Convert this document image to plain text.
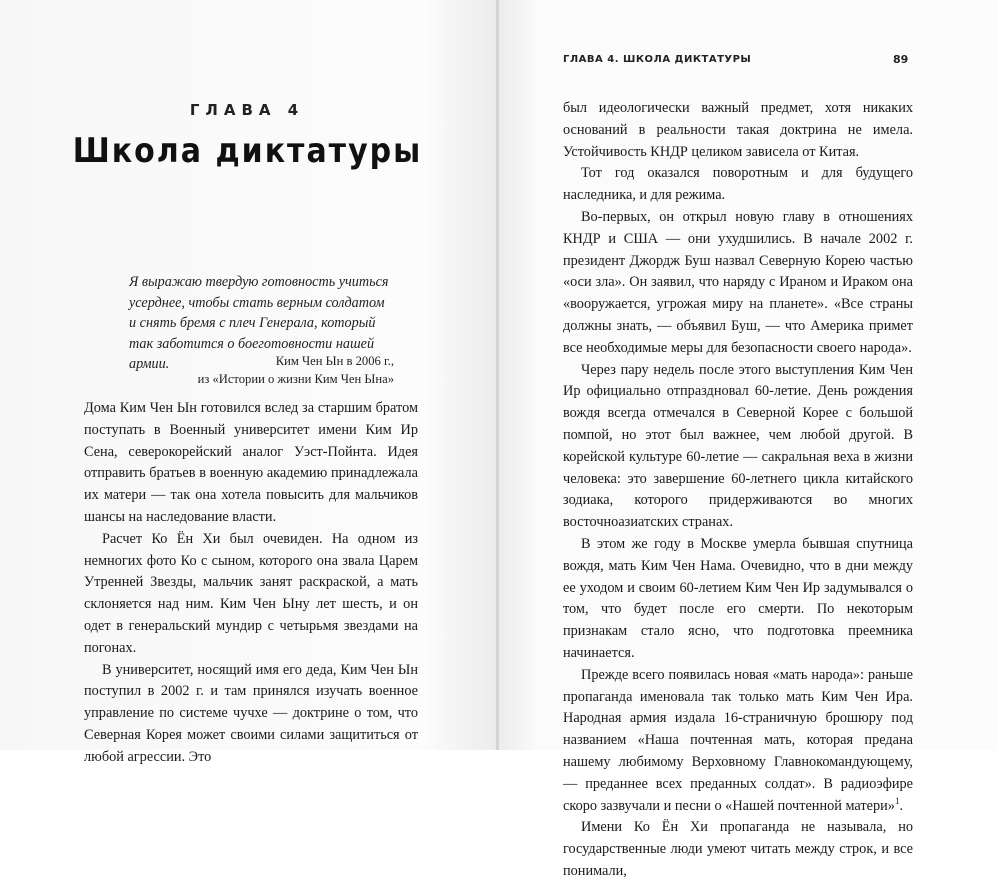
ГЛАВА 4
Школа диктатуры

Я выражаю твердую готовность учиться усерднее, чтобы стать верным солдатом и снять бремя с плеч Генерала, который так заботится о боеготовности нашей армии.	Ким Чен Ын в 2006 г.,
из «Истории о жизни Ким Чен Ына»

Дома Ким Чен Ын готовился вслед за старшим братом поступать в Военный университет имени Ким Ир Сена, северокорейский аналог Уэст-Пойнта. Идея отправить братьев в военную академию принадлежала их матери — так она хотела повысить для мальчиков шансы на наследование власти.

Расчет Ко Ён Хи был очевиден. На одном из немногих фото Ко с сыном, которого она звала Царем Утренней Звезды, мальчик занят раскраской, а мать склоняется над ним. Ким Чен Ыну лет шесть, и он одет в генеральский мундир с четырьмя звездами на погонах.

В университет, носящий имя его деда, Ким Чен Ын поступил в 2002 г. и там принялся изучать военное управление по системе чучхе — доктрине о том, что Северная Корея может своими силами защититься от любой агрессии. Это

ГЛАВА 4. ШКОЛА ДИКТАТУРЫ	89

был идеологически важный предмет, хотя никаких оснований в реальности такая доктрина не имела. Устойчивость КНДР целиком зависела от Китая.

Тот год оказался поворотным и для будущего наследника, и для режима.

Во-первых, он открыл новую главу в отношениях КНДР и США — они ухудшились. В начале 2002 г. президент Джордж Буш назвал Северную Корею частью «оси зла». Он заявил, что наряду с Ираном и Ираком она «вооружается, угрожая миру на планете». «Все страны должны знать, — объявил Буш, — что Америка примет все необходимые меры для безопасности своего народа».

Через пару недель после этого выступления Ким Чен Ир официально отпраздновал 60-летие. День рождения вождя всегда отмечался в Северной Корее с большой помпой, но этот был важнее, чем любой другой. В корейской культуре 60-летие — сакральная веха в жизни человека: это завершение 60-летнего цикла китайского зодиака, которого придерживаются во многих восточноазиатских странах.

В этом же году в Москве умерла бывшая спутница вождя, мать Ким Чен Нама. Очевидно, что в дни между ее уходом и своим 60-летием Ким Чен Ир задумывался о том, что будет после его смерти. По некоторым признакам стало ясно, что подготовка преемника начинается.

Прежде всего появилась новая «мать народа»: раньше пропаганда именовала так только мать Ким Чен Ира. Народная армия издала 16-страничную брошюру под названием «Наша почтенная мать, которая предана нашему любимому Верховному Главнокомандующему, — преданнее всех преданных солдат». В радиоэфире скоро зазвучали и песни о «Нашей почтенной матери»$^1$.

Имени Ко Ён Хи пропаганда не называла, но государственные люди умеют читать между строк, и все понимали,
